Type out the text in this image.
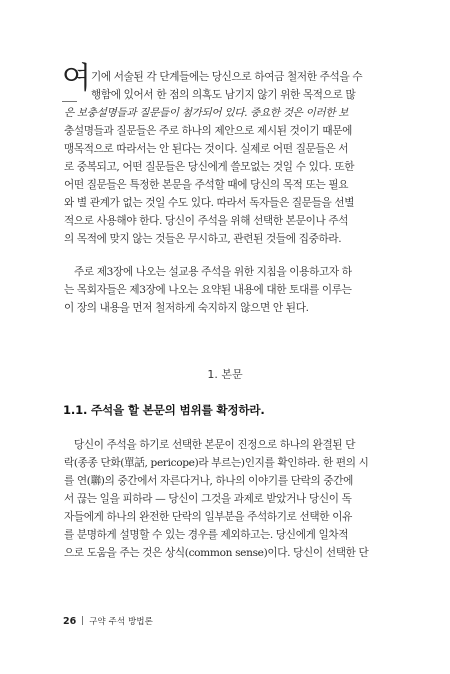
여 기에 서술된 각 단계들에는 당신으로 하여금 철저한 주석을 수
행함에 있어서 한 점의 의혹도 남기지 않기 위한 목적으로 많
은 보충설명들과 질문들이 첨가되어 있다. 중요한 것은 이러한 보
충설명들과 질문들은 주로 하나의 제안으로 제시된 것이기 때문에
맹목적으로 따라서는 안 된다는 것이다. 실제로 어떤 질문들은 서
로 중복되고, 어떤 질문들은 당신에게 쓸모없는 것일 수 있다. 또한
어떤 질문들은 특정한 본문을 주석할 때에 당신의 목적 또는 필요
와 별 관계가 없는 것일 수도 있다. 따라서 독자들은 질문들을 선별
적으로 사용해야 한다. 당신이 주석을 위해 선택한 본문이나 주석
의 목적에 맞지 않는 것들은 무시하고, 관련된 것들에 집중하라.
주로 제3장에 나오는 설교용 주석을 위한 지침을 이용하고자 하
는 목회자들은 제3장에 나오는 요약된 내용에 대한 토대를 이루는
이 장의 내용을 먼저 철저하게 숙지하지 않으면 안 된다.
1. 본문
1.1. 주석을 할 본문의 범위를 확정하라.
당신이 주석을 하기로 선택한 본문이 진정으로 하나의 완결된 단
락(종종 단화(單話, pericope)라 부르는)인지를 확인하라. 한 편의 시
를 연(聯)의 중간에서 자른다거나, 하나의 이야기를 단락의 중간에
서 끊는 일을 피하라 — 당신이 그것을 과제로 받았거나 당신이 독
자들에게 하나의 완전한 단락의 일부분을 주석하기로 선택한 이유
를 분명하게 설명할 수 있는 경우를 제외하고는. 당신에게 일차적
으로 도움을 주는 것은 상식(common sense)이다. 당신이 선택한 단
26 구약 주석 방법론
